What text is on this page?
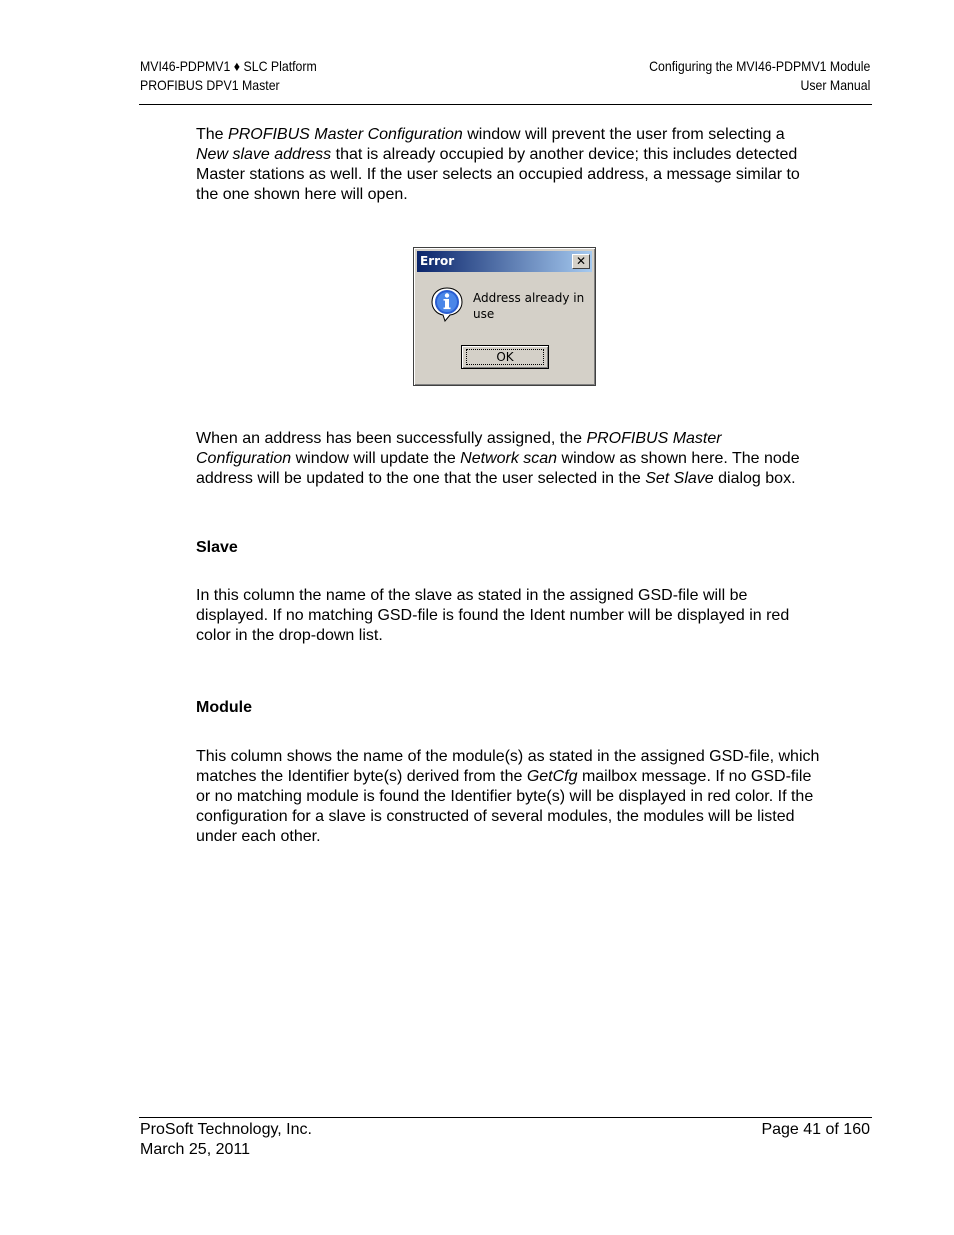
MVI46-PDPMV1 ♦ SLC Platform
PROFIBUS DPV1 Master
Configuring the MVI46-PDPMV1 Module
User Manual

The PROFIBUS Master Configuration window will prevent the user from selecting a New slave address that is already occupied by another device; this includes detected Master stations as well. If the user selects an occupied address, a message similar to the one shown here will open.

Error	✕
Address already in use
OK

When an address has been successfully assigned, the PROFIBUS Master Configuration window will update the Network scan window as shown here. The node address will be updated to the one that the user selected in the Set Slave dialog box.

Slave

In this column the name of the slave as stated in the assigned GSD-file will be displayed. If no matching GSD-file is found the Ident number will be displayed in red color in the drop-down list.

Module

This column shows the name of the module(s) as stated in the assigned GSD-file, which matches the Identifier byte(s) derived from the GetCfg mailbox message. If no GSD-file or no matching module is found the Identifier byte(s) will be displayed in red color. If the configuration for a slave is constructed of several modules, the modules will be listed under each other.

ProSoft Technology, Inc.
March 25, 2011
Page 41 of 160
